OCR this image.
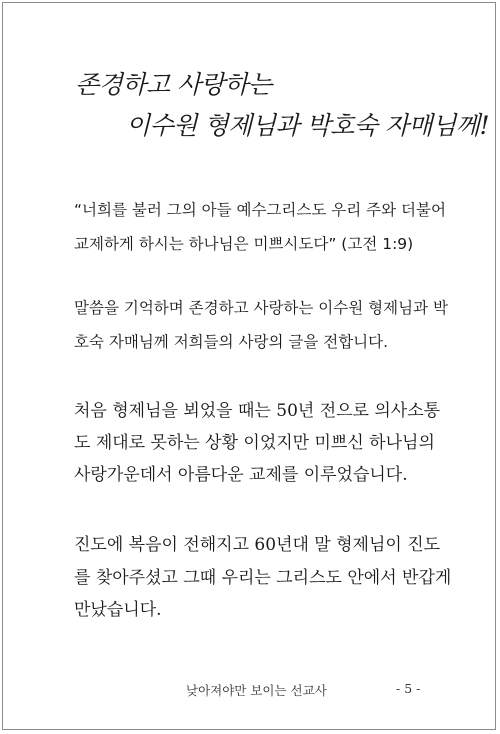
존경하고 사랑하는
이수원 형제님과 박호숙 자매님께!
“너희를 불러 그의 아들 예수그리스도 우리 주와 더불어
교제하게 하시는 하나님은 미쁘시도다” (고전 1:9)
말씀을 기억하며 존경하고 사랑하는 이수원 형제님과 박
호숙 자매님께 저희들의 사랑의 글을 전합니다.
처음 형제님을 뵈었을 때는 50년 전으로 의사소통
도 제대로 못하는 상황 이었지만 미쁘신 하나님의
사랑가운데서 아름다운 교제를 이루었습니다.
진도에 복음이 전해지고 60년대 말 형제님이 진도
를 찾아주셨고 그때 우리는 그리스도 안에서 반갑게
만났습니다.
낮아져야만 보이는 선교사	- 5 -
